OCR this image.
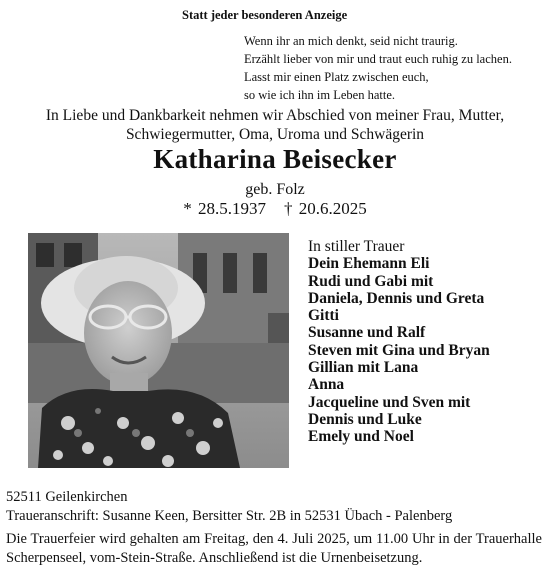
Statt jeder besonderen Anzeige
Wenn ihr an mich denkt, seid nicht traurig.
Erzählt lieber von mir und traut euch ruhig zu lachen.
Lasst mir einen Platz zwischen euch,
so wie ich ihn im Leben hatte.
In Liebe und Dankbarkeit nehmen wir Abschied von meiner Frau, Mutter,
Schwiegermutter, Oma, Uroma und Schwägerin
Katharina Beisecker
geb. Folz
* 28.5.1937 † 20.6.2025
In stiller Trauer
Dein Ehemann Eli
Rudi und Gabi mit
Daniela, Dennis und Greta
Gitti
Susanne und Ralf
Steven mit Gina und Bryan
Gillian mit Lana
Anna
Jacqueline und Sven mit
Dennis und Luke
Emely und Noel
52511 Geilenkirchen
Traueranschrift: Susanne Keen, Bersitter Str. 2B in 52531 Übach - Palenberg
Die Trauerfeier wird gehalten am Freitag, den 4. Juli 2025, um 11.00 Uhr in der Trauerhalle Scherpenseel, vom-Stein-Straße. Anschließend ist die Urnenbeisetzung.
